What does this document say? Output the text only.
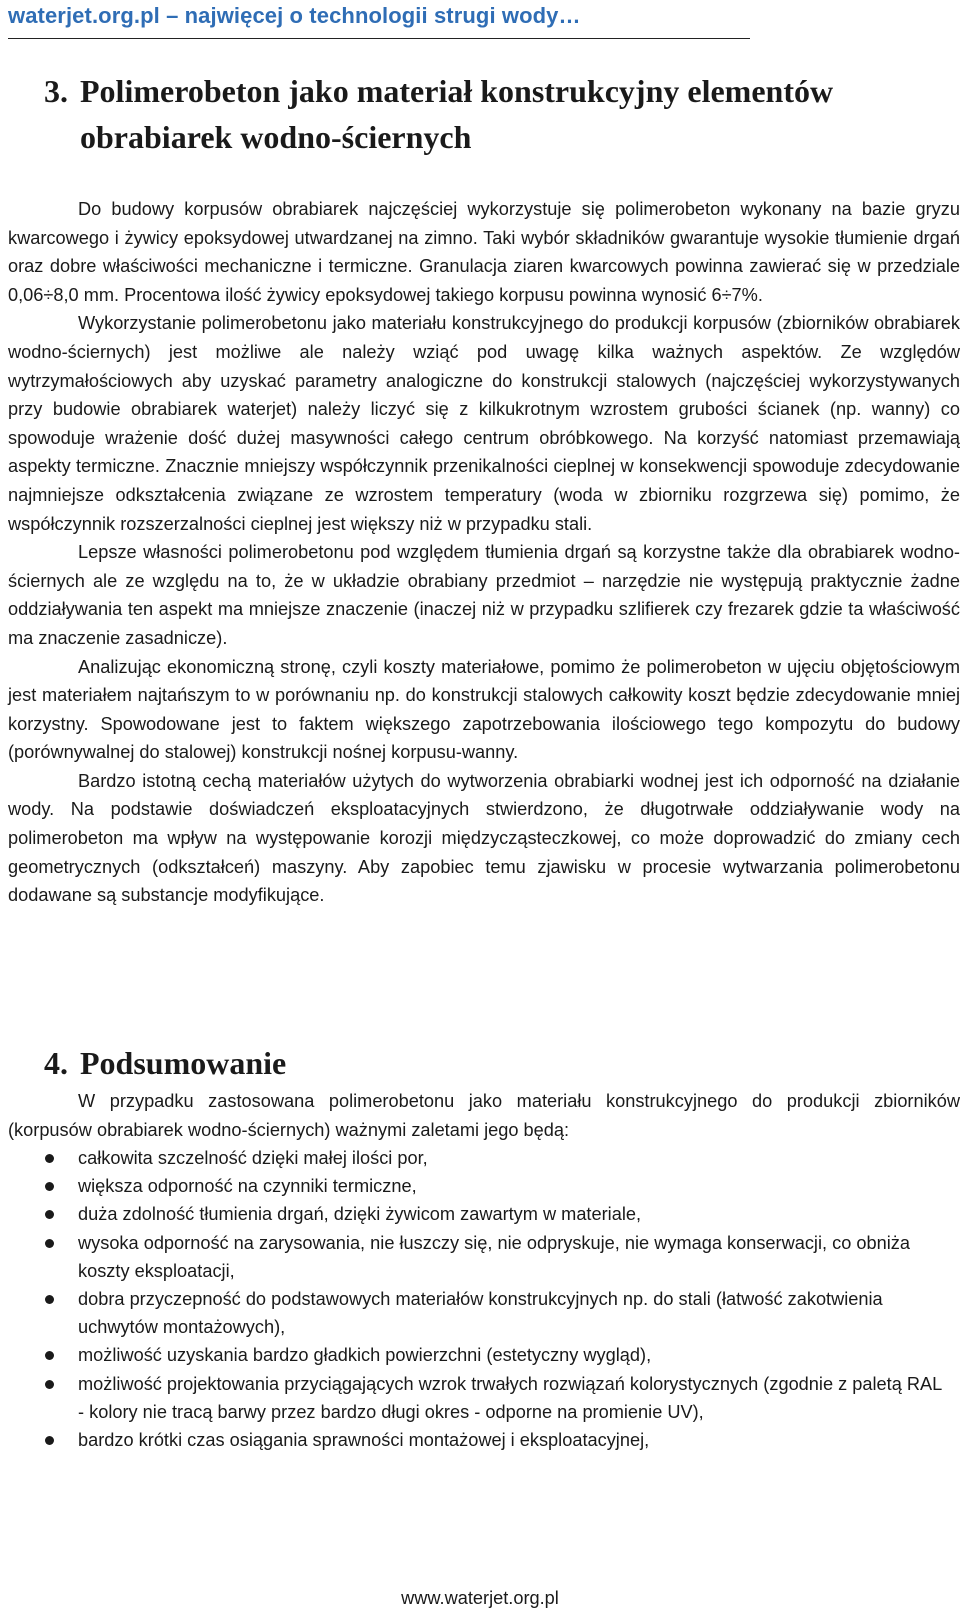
waterjet.org.pl – najwięcej o technologii strugi wody…
3. Polimerobeton jako materiał konstrukcyjny elementów
obrabiarek wodno-ściernych

Do budowy korpusów obrabiarek najczęściej wykorzystuje się polimerobeton wykonany na bazie gryzu kwarcowego i żywicy epoksydowej utwardzanej na zimno. Taki wybór składników gwarantuje wysokie tłumienie drgań oraz dobre właściwości mechaniczne i termiczne. Granulacja ziaren kwarcowych powinna zawierać się w przedziale 0,06÷8,0 mm. Procentowa ilość żywicy epoksydowej takiego korpusu powinna wynosić 6÷7%.

Wykorzystanie polimerobetonu jako materiału konstrukcyjnego do produkcji korpusów (zbiorników obrabiarek wodno-ściernych) jest możliwe ale należy wziąć pod uwagę kilka ważnych aspektów. Ze względów wytrzymałościowych aby uzyskać parametry analogiczne do konstrukcji stalowych (najczęściej wykorzystywanych przy budowie obrabiarek waterjet) należy liczyć się z kilkukrotnym wzrostem grubości ścianek (np. wanny) co spowoduje wrażenie dość dużej masywności całego centrum obróbkowego. Na korzyść natomiast przemawiają aspekty termiczne. Znacznie mniejszy współczynnik przenikalności cieplnej w konsekwencji spowoduje zdecydowanie najmniejsze odkształcenia związane ze wzrostem temperatury (woda w zbiorniku rozgrzewa się) pomimo, że współczynnik rozszerzalności cieplnej jest większy niż w przypadku stali.

Lepsze własności polimerobetonu pod względem tłumienia drgań są korzystne także dla obrabiarek wodno-ściernych ale ze względu na to, że w układzie obrabiany przedmiot – narzędzie nie występują praktycznie żadne oddziaływania ten aspekt ma mniejsze znaczenie (inaczej niż w przypadku szlifierek czy frezarek gdzie ta właściwość ma znaczenie zasadnicze).

Analizując ekonomiczną stronę, czyli koszty materiałowe, pomimo że polimerobeton w ujęciu objętościowym jest materiałem najtańszym to w porównaniu np. do konstrukcji stalowych całkowity koszt będzie zdecydowanie mniej korzystny. Spowodowane jest to faktem większego zapotrzebowania ilościowego tego kompozytu do budowy (porównywalnej do stalowej) konstrukcji nośnej korpusu-wanny.

Bardzo istotną cechą materiałów użytych do wytworzenia obrabiarki wodnej jest ich odporność na działanie wody. Na podstawie doświadczeń eksploatacyjnych stwierdzono, że długotrwałe oddziaływanie wody na polimerobeton ma wpływ na występowanie korozji międzycząsteczkowej, co może doprowadzić do zmiany cech geometrycznych (odkształceń) maszyny. Aby zapobiec temu zjawisku w procesie wytwarzania polimerobetonu dodawane są substancje modyfikujące.

4. Podsumowanie

W przypadku zastosowana polimerobetonu jako materiału konstrukcyjnego do produkcji zbiorników (korpusów obrabiarek wodno-ściernych) ważnymi zaletami jego będą:

całkowita szczelność dzięki małej ilości por,
większa odporność na czynniki termiczne,
duża zdolność tłumienia drgań, dzięki żywicom zawartym w materiale,
wysoka odporność na zarysowania, nie łuszczy się, nie odpryskuje, nie wymaga konserwacji, co obniża koszty eksploatacji,
dobra przyczepność do podstawowych materiałów konstrukcyjnych np. do stali (łatwość zakotwienia uchwytów montażowych),
możliwość uzyskania bardzo gładkich powierzchni (estetyczny wygląd),
możliwość projektowania przyciągających wzrok trwałych rozwiązań kolorystycznych (zgodnie z paletą RAL - kolory nie tracą barwy przez bardzo długi okres - odporne na promienie UV),
bardzo krótki czas osiągania sprawności montażowej i eksploatacyjnej,
www.waterjet.org.pl
